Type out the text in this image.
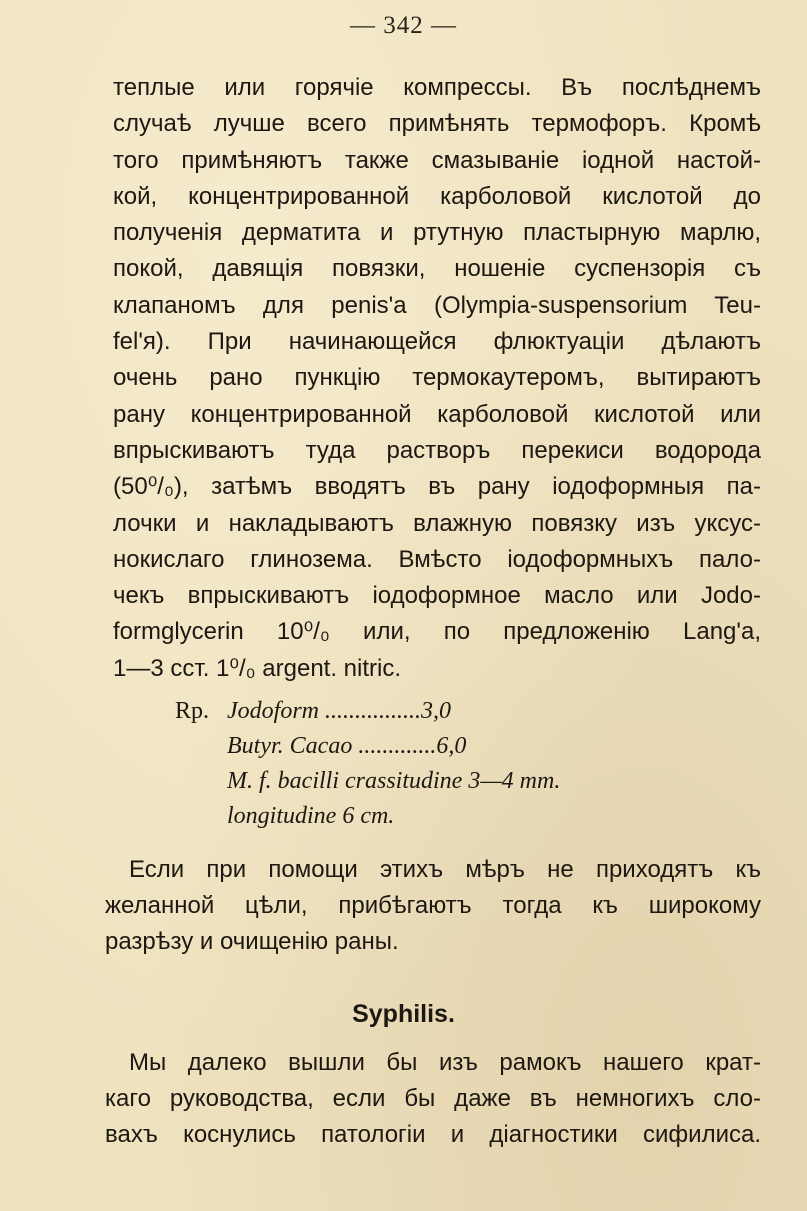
— 342 —
теплые или горячіе компрессы. Въ послѣднемъ
случаѣ лучше всего примѣнять термофоръ. Кромѣ
того примѣняютъ также смазываніе іодной настой-
кой, концентрированной карболовой кислотой до
полученія дерматита и ртутную пластырную марлю,
покой, давящія повязки, ношеніе суспензорія съ
клапаномъ для penis'a (Olympia-suspensorium Teu-
fel'я). При начинающейся флюктуаціи дѣлаютъ
очень рано пункцію термокаутеромъ, вытираютъ
рану концентрированной карболовой кислотой или
впрыскиваютъ туда растворъ перекиси водорода
(50⁰/₀), затѣмъ вводятъ въ рану іодоформныя па-
лочки и накладываютъ влажную повязку изъ уксус-
нокислаго глинозема. Вмѣсто іодоформныхъ пало-
чекъ впрыскиваютъ іодоформное масло или Jodo-
formglycerin 10⁰/₀ или, по предложенію Lang'a,
1—3 сст. 1⁰/₀ argent. nitric.
Rp. Jodoform ................3,0
Butyr. Cacao .............6,0
M. f. bacilli crassitudine 3—4 mm.
longitudine 6 cm.
Если при помощи этихъ мѣръ не приходятъ къ
желанной цѣли, прибѣгаютъ тогда къ широкому
разрѣзу и очищенію раны.
Syphilis.
Мы далеко вышли бы изъ рамокъ нашего крат-
каго руководства, если бы даже въ немногихъ сло-
вахъ коснулись патологіи и діагностики сифилиса.
